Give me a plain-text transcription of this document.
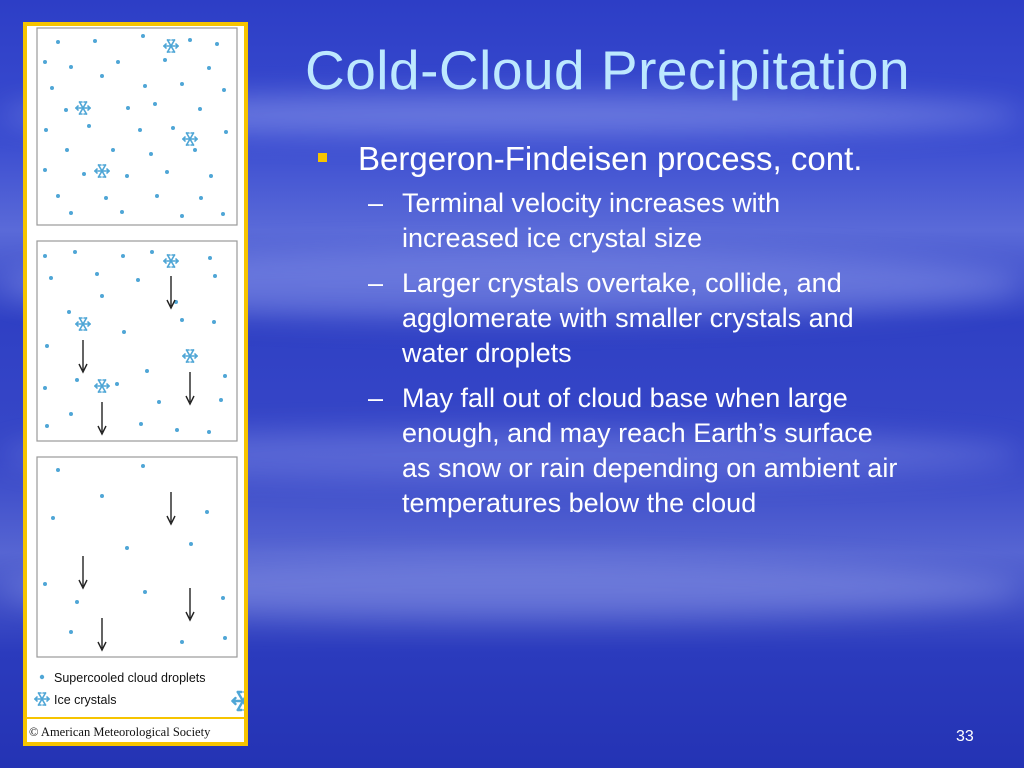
Supercooled cloud droplets
Ice crystals
© American Meteorological Society
Cold-Cloud Precipitation
Bergeron-Findeisen process, cont.
– Terminal velocity increases with increased ice crystal size
– Larger crystals overtake, collide, and agglomerate with smaller crystals and water droplets
– May fall out of cloud base when large enough, and may reach Earth’s surface as snow or rain depending on ambient air temperatures below the cloud
33
